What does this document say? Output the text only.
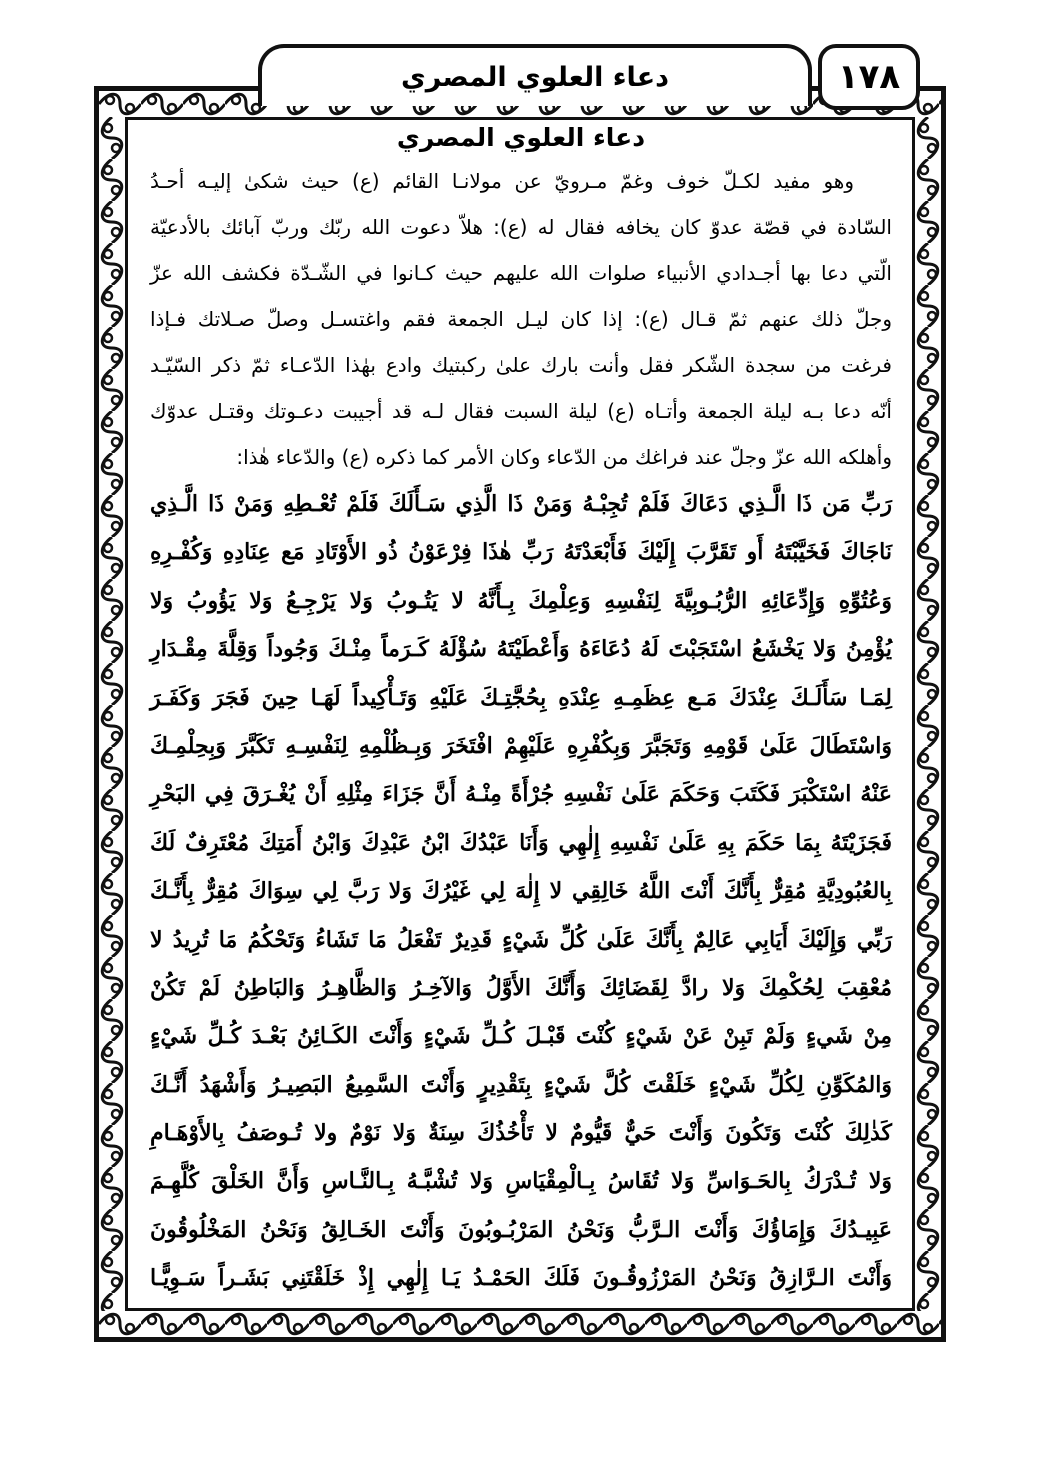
١٧٨
دعاء العلوي المصري
دعاء العلوي المصري

وهو مفيد لكـلّ خوف وغمّ مـرويّ عن مولانـا القائم (ع) حيث شكىٰ إليـه أحـدُ

السّادة في قصّة عدوّ كان يخافه فقال له (ع): هلاّ دعوت الله ربّك وربّ آبائك بالأدعيّة

الّتي دعا بها أجـدادي الأنبياء صلوات الله عليهم حيث كـانوا في الشّـدّة فكشف الله عزّ

وجلّ ذلك عنهم ثمّ قـال (ع): إذا كان ليـل الجمعة فقم واغتسـل وصلّ صـلاتك فـإذا

فرغت من سجدة الشّكر فقل وأنت بارك علىٰ ركبتيك وادع بهٰذا الدّعـاء ثمّ ذكر السّيّـد

أنّه دعا بـه ليلة الجمعة وأتـاه (ع) ليلة السبت فقال لـه قد أجيبت دعـوتك وقتـل عدوّك

وأهلكه الله عزّ وجلّ عند فراغك من الدّعاء وكان الأمر كما ذكره (ع) والدّعاء هٰذا:

رَبِّ مَن ذَا الَّـذِي دَعَاكَ فَلَمْ تُجِبْـهُ وَمَنْ ذَا الَّذِي سَـأَلَكَ فَلَمْ تُعْـطِهِ وَمَنْ ذَا الَّـذِي

نَاجَاكَ فَخَيَّبْتَهُ أَو تَقَرَّبَ إِلَيْكَ فَأَبْعَدْتَهُ رَبِّ هٰذَا فِرْعَوْنُ ذُو الأَوْتَادِ مَع عِنَادِهِ وَكُفْـرِهِ

وَعُتُوِّهِ وَإِدِّعَائِهِ الرُّبُـوبِيَّةَ لِنَفْسِهِ وَعِلْمِكَ بِـأَنَّهُ لا يَتُـوبُ وَلا يَرْجِـعُ وَلا يَؤُوبُ وَلا

يُؤْمِنُ وَلا يَخْشَعُ اسْتَجَبْتَ لَهُ دُعَاءَهُ وَأَعْطَيْتَهُ سُؤْلَهُ كَـرَماً مِنْـكَ وَجُوداً وَقِلَّةَ مِقْـدَارِ

لِمَـا سَأَلَـكَ عِنْدَكَ مَـع عِظَمِـهِ عِنْدَهِ بِحُجَّتِـكَ عَلَيْهِ وَتَـأْكِيداً لَهَـا حِينَ فَجَرَ وَكَفَـرَ

وَاسْتَطَالَ عَلَىٰ قَوْمِهِ وَتَجَبَّرَ وَبِكُفْرِهِ عَلَيْهِمْ افْتَخَرَ وَبِـظُلْمِهِ لِنَفْسِـهِ تَكَبَّرَ وَبِحِلْمِـكَ

عَنْهُ اسْتَكْبَرَ فَكَتَبَ وَحَكَمَ عَلَىٰ نَفْسِهِ جُرْأَةً مِنْـهُ أَنَّ جَزَاءَ مِثْلِهِ أَنْ يُغْـرَقَ فِي البَحْرِ

فَجَزَيْتَهُ بِمَا حَكَمَ بِهِ عَلَىٰ نَفْسِهِ إِلٰهِي وَأَنَا عَبْدُكَ ابْنُ عَبْدِكَ وَابْنُ أَمَتِكَ مُعْتَرِفٌ لَكَ

بِالعُبُودِيَّةِ مُقِرٌّ بِأَنَّكَ أَنْتَ اللَّهُ خَالِقِي لا إِلٰهَ لِي غَيْرُكَ وَلا رَبَّ لِي سِوَاكَ مُقِرٌّ بِأَنَّـكَ

رَبِّي وَإِلَيْكَ أَيَابِي عَالِمٌ بِأَنَّكَ عَلَىٰ كُلِّ شَيْءٍ قَدِيرٌ تَفْعَلُ مَا تَشَاءُ وَتَحْكُمُ مَا تُرِيدُ لا

مُعْقِبَ لِحُكْمِكَ وَلا رادَّ لِقَضَائِكَ وَأَنَّكَ الأَوَّلُ وَالآخِـرُ وَالظَّاهِـرُ وَالبَاطِنُ لَمْ تَكُنْ

مِنْ شَيءٍ وَلَمْ تَبِنْ عَنْ شَيْءٍ كُنْتَ قَبْـلَ كُـلِّ شَيْءٍ وَأَنْتَ الكَـائِنُ بَعْـدَ كُـلِّ شَيْءٍ

وَالمُكَوِّنِ لِكُلِّ شَيْءٍ خَلَقْتَ كُلَّ شَيْءٍ بِتَقْدِيرٍ وَأَنْتَ السَّمِيعُ البَصِيـرُ وَأَشْهَدُ أَنَّـكَ

كَذٰلِكَ كُنْتَ وَتَكُونَ وَأَنْتَ حَيٌّ قَيُّومٌ لا تَأْخُذُكَ سِنَةٌ وَلا نَوْمٌ ولا تُـوصَفُ بِالأَوْهَـامِ

وَلا تُـدْرَكُ بِالحَـوَاسِّ وَلا تُقَاسُ بِـالْمِقْيَاسِ وَلا تُشْبَّـهُ بِـالنَّـاسِ وَأَنَّ الخَلْقَ كُلَّهِـمَ

عَبِيـدُكَ وَإِمَاؤُكَ وَأَنْتَ الـرَّبُّ وَنَحْنُ المَرْبُـوبُونَ وَأَنْتَ الخَـالِقُ وَنَحْنُ المَخْلُوقُونَ

وَأَنْتَ الـرَّازِقُ وَنَحْنُ المَرْزُوقُـونَ فَلَكَ الحَمْـدُ يَـا إِلٰهِي إِذْ خَلَقْتَنِي بَشَـراً سَـوِيًّـا
